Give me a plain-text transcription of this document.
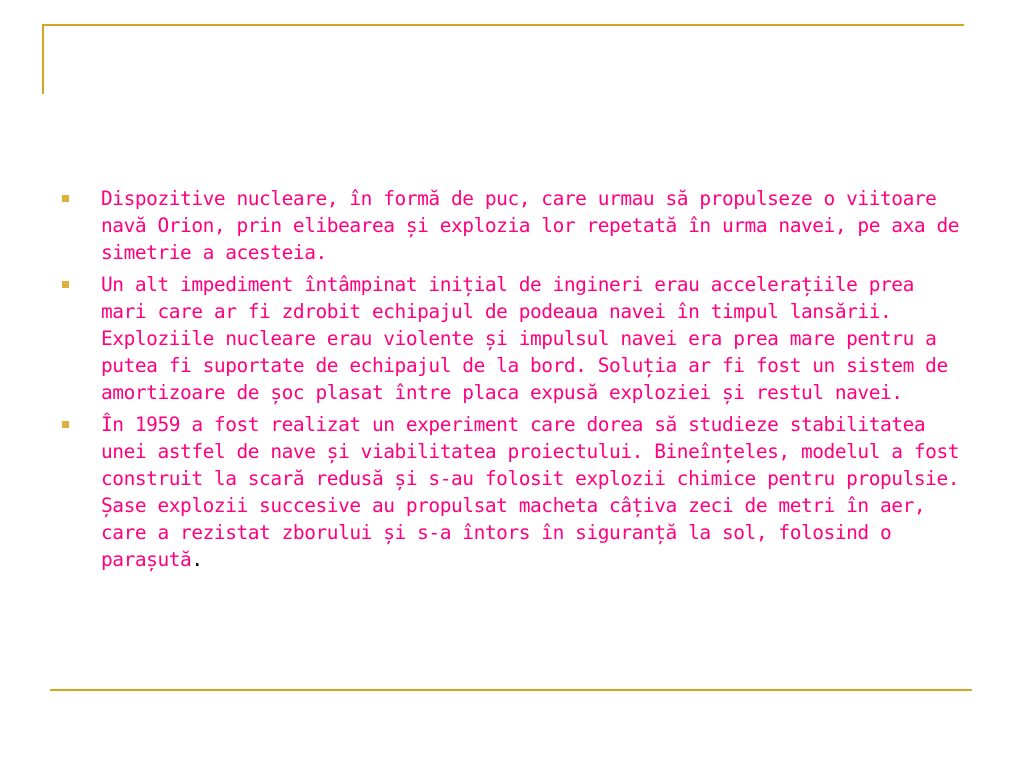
Dispozitive nucleare, în formă de puc, care urmau să propulseze o viitoare navă Orion, prin elibearea și explozia lor repetată în urma navei, pe axa de simetrie a acesteia.
Un alt impediment întâmpinat inițial de ingineri erau accelerațiile prea mari care ar fi zdrobit echipajul de podeaua navei în timpul lansării. Exploziile nucleare erau violente și impulsul navei era prea mare pentru a putea fi suportate de echipajul de la bord. Soluția ar fi fost un sistem de amortizoare de șoc plasat între placa expusă exploziei și restul navei.
În 1959 a fost realizat un experiment care dorea să studieze stabilitatea unei astfel de nave și viabilitatea proiectului. Bineînțeles, modelul a fost construit la scară redusă și s-au folosit explozii chimice pentru propulsie. Șase explozii succesive au propulsat macheta câțiva zeci de metri în aer, care a rezistat zborului și s-a întors în siguranță la sol, folosind o parașută.
